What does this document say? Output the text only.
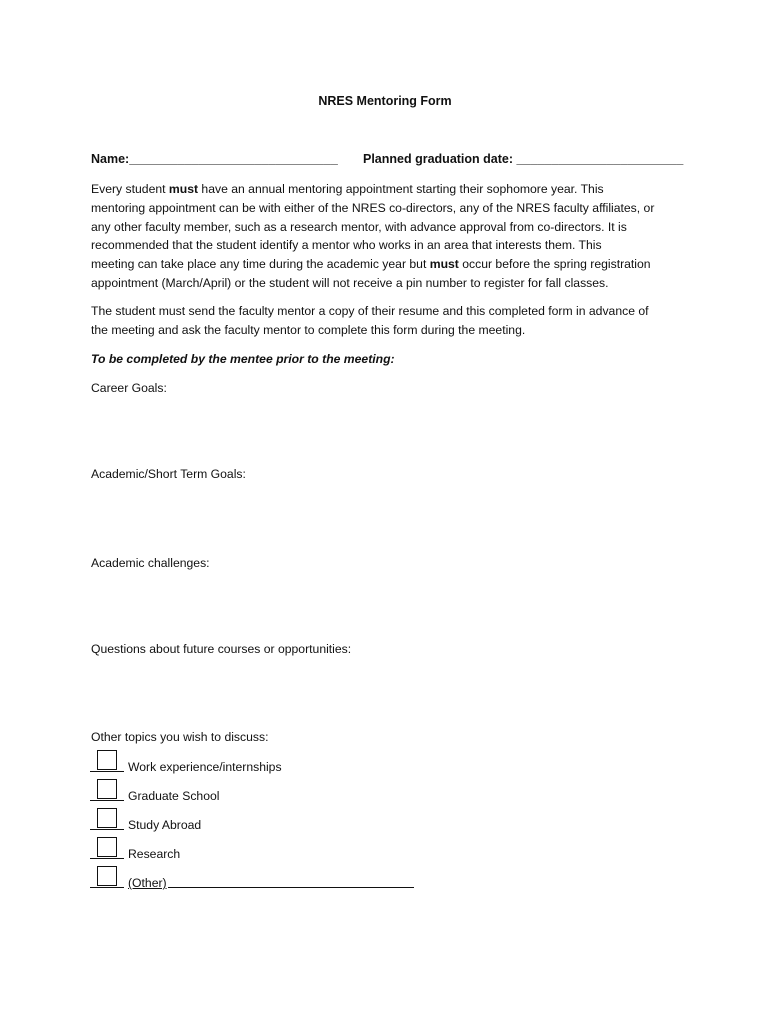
NRES Mentoring Form
Name:______________________________ Planned graduation date: ________________________
Every student must have an annual mentoring appointment starting their sophomore year. This
mentoring appointment can be with either of the NRES co-directors, any of the NRES faculty affiliates, or
any other faculty member, such as a research mentor, with advance approval from co-directors. It is
recommended that the student identify a mentor who works in an area that interests them. This
meeting can take place any time during the academic year but must occur before the spring registration
appointment (March/April) or the student will not receive a pin number to register for fall classes.
The student must send the faculty mentor a copy of their resume and this completed form in advance of
the meeting and ask the faculty mentor to complete this form during the meeting.
To be completed by the mentee prior to the meeting:
Career Goals:
Academic/Short Term Goals:
Academic challenges:
Questions about future courses or opportunities:
Other topics you wish to discuss:
Work experience/internships
Graduate School
Study Abroad
Research
(Other)
